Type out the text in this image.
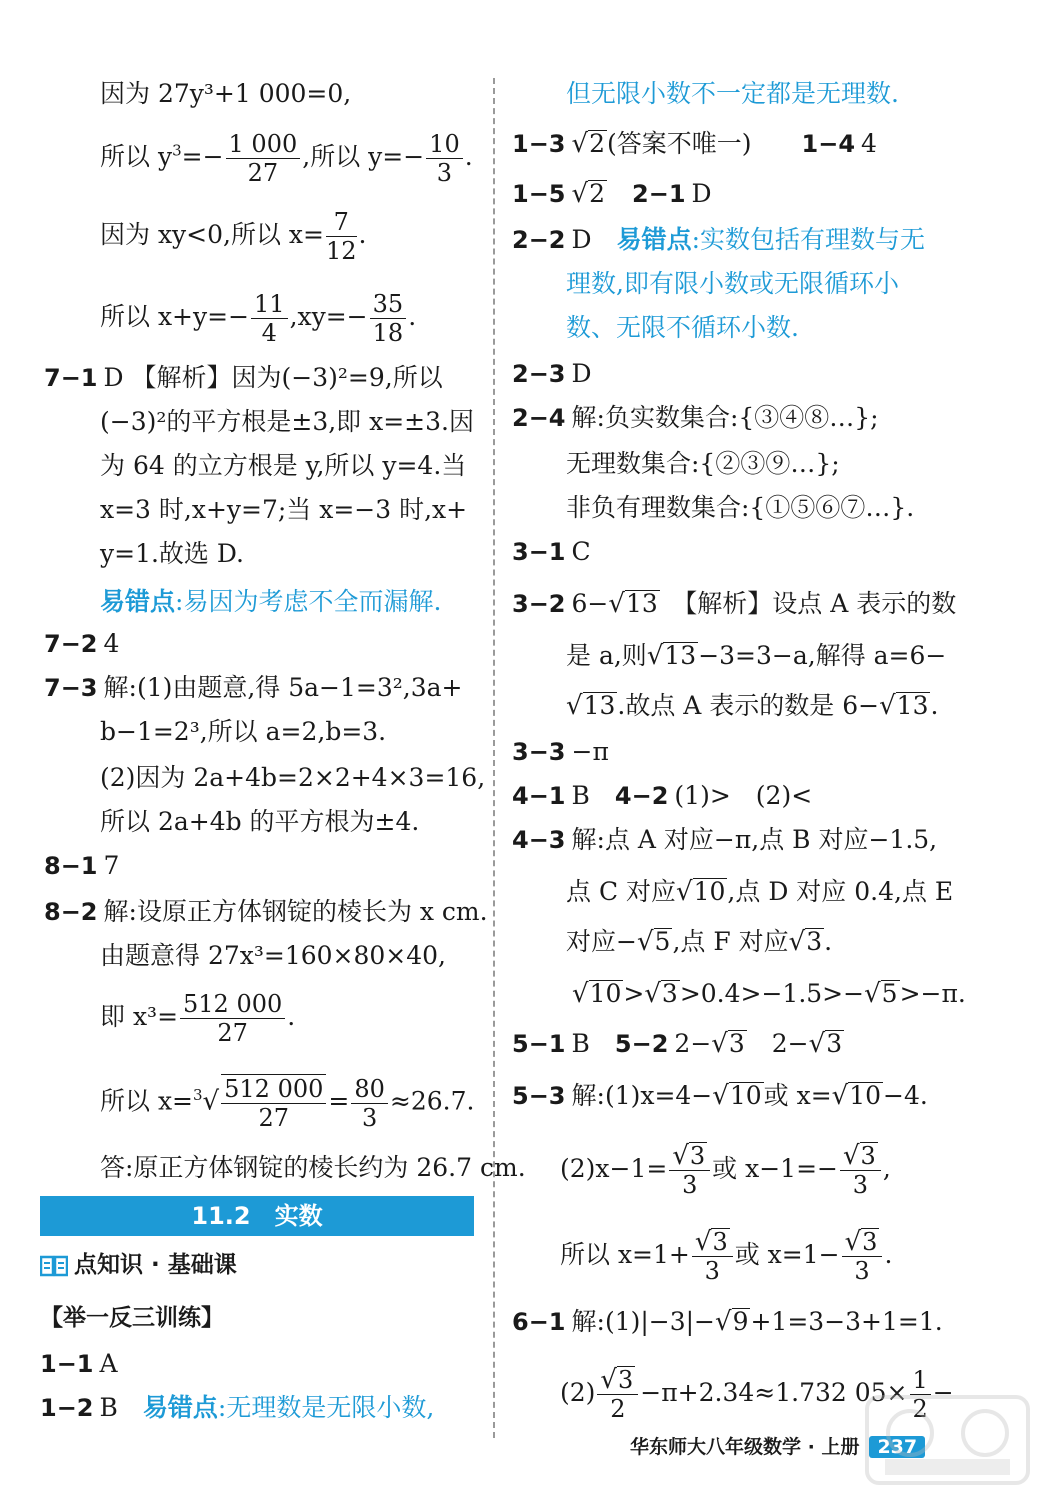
因为 27y³+1 000=0,
所以 $y^3=- \frac{1 000}{27}$ ,所以 $y=- \frac{10}{3}$ .
因为 xy<0,所以 $x= \frac{7}{12}$ .
所以 $x+y=- \frac{11}{4} ,xy=- \frac{35}{18}$ .
7−1 D 【解析】因为(−3)²=9,所以
(−3)²的平方根是±3,即 x=±3.因
为 64 的立方根是 y,所以 y=4.当
x=3 时,x+y=7;当 x=−3 时,x+
y=1.故选 D.
易错点:易因为考虑不全而漏解.
7−2 4
7−3 解:(1)由题意,得 5a−1=3²,3a+
b−1=2³,所以 a=2,b=3.
(2)因为 2a+4b=2×2+4×3=16,
所以 2a+4b 的平方根为±4.
8−1 7
8−2 解:设原正方体钢锭的棱长为 x cm.
由题意得 27x³=160×80×40,
即 $x^3= \frac{512 000}{27}$ .
所以 $x=^3√ \frac{512 000}{27} = \frac{80}{3} \approx 26.7$.
答:原正方体钢锭的棱长约为 26.7 cm.
11.2　实数
点知识 · 基础课
【举一反三训练】
1−1 A
1−2 B　 易错点:无理数是无限小数,
但无限小数不一定都是无理数.
1−3 √2(答案不唯一)　　 1−4 4
1−5 √2　 2−1 D
2−2 D　 易错点:实数包括有理数与无
理数,即有限小数或无限循环小
数、无限不循环小数.
2−3 D
2−4 解:负实数集合:{③④⑧…};
无理数集合:{②③⑨…};
非负有理数集合:{①⑤⑥⑦…}.
3−1 C
3−2 6−√13　【解析】设点 A 表示的数
是 a,则√13−3=3−a,解得 a=6−
√13.故点 A 表示的数是 6−√13.
3−3 −π
4−1 B　 4−2 (1)>　(2)<
4−3 解:点 A 对应−π,点 B 对应−1.5,
点 C 对应√10,点 D 对应 0.4,点 E
对应−√5,点 F 对应√3.
√10>√3>0.4>−1.5>−√5>−π.
5−1 B　 5−2 2−√3　2−√3
5−3 解:(1)x=4−√10或 x=√10−4.
$(2)x-1= \frac{√3}{3}$ 或 $x-1=- \frac{√3}{3}$ ,
所以 $x=1+ \frac{√3}{3}$ 或 $x=1- \frac{√3}{3}$ .
6−1 解:(1)|−3|−√9+1=3−3+1=1.
$(2) \frac{√3}{2} -\pi+2.34\approx 1.732$ $05\times \frac{1}{2}$ −
华东师大八年级数学 · 上册 237
